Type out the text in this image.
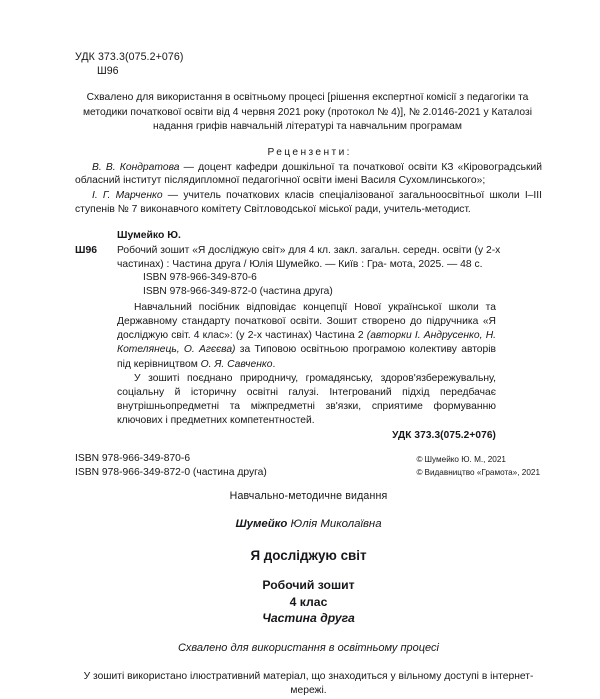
УДК 373.3(075.2+076)
Ш96
Схвалено для використання в освітньому процесі [рішення експертної комісії з педагогіки та методики початкової освіти від 4 червня 2021 року (протокол № 4)], № 2.0146-2021 у Каталозі надання грифів навчальній літературі та навчальним програмам
Рецензенти:

В. В. Кондратова — доцент кафедри дошкільної та початкової освіти КЗ «Кіровоградський обласний інститут післядипломної педагогічної освіти імені Василя Сухомлинського»;

І. Г. Марченко — учитель початкових класів спеціалізованої загальноосвітньої школи I–III ступенів № 7 виконавчого комітету Світловодської міської ради, учитель-методист.

Ш96
Шумейко Ю.

Робочий зошит «Я досліджую світ» для 4 кл. закл. загальн. середн. освіти (у 2-х частинах) : Частина друга / Юлія Шумейко. — Київ : Гра- мота, 2025. — 48 с.

ISBN 978-966-349-870-6
ISBN 978-966-349-872-0 (частина друга)

Навчальний посібник відповідає концепції Нової української школи та Державному стандарту початкової освіти. Зошит створено до підручника «Я досліджую світ. 4 клас»: (у 2-х частинах) Частина 2 (авторки І. Андрусенко, Н. Котелянець, О. Агєєва) за Типовою освітньою програмою колективу авторів під керівництвом О. Я. Савченко.

У зошиті поєднано природничу, громадянську, здоров'язбережувальну, соціальну й історичну освітні галузі. Інтегрований підхід передбачає внутрішньопредметні та міжпредметні зв'язки, сприятиме формуванню ключових і предметних компетентностей.

УДК 373.3(075.2+076)
ISBN 978-966-349-870-6
ISBN 978-966-349-872-0 (частина друга)
© Шумейко Ю. М., 2021
© Видавництво «Грамота», 2021
Навчально-методичне видання
Шумейко Юлія Миколаївна
Я досліджую світ
Робочий зошит
4 клас
Частина друга
Схвалено для використання в освітньому процесі
У зошиті використано ілюстративний матеріал, що знаходиться у вільному доступі в інтернет-мережі.
